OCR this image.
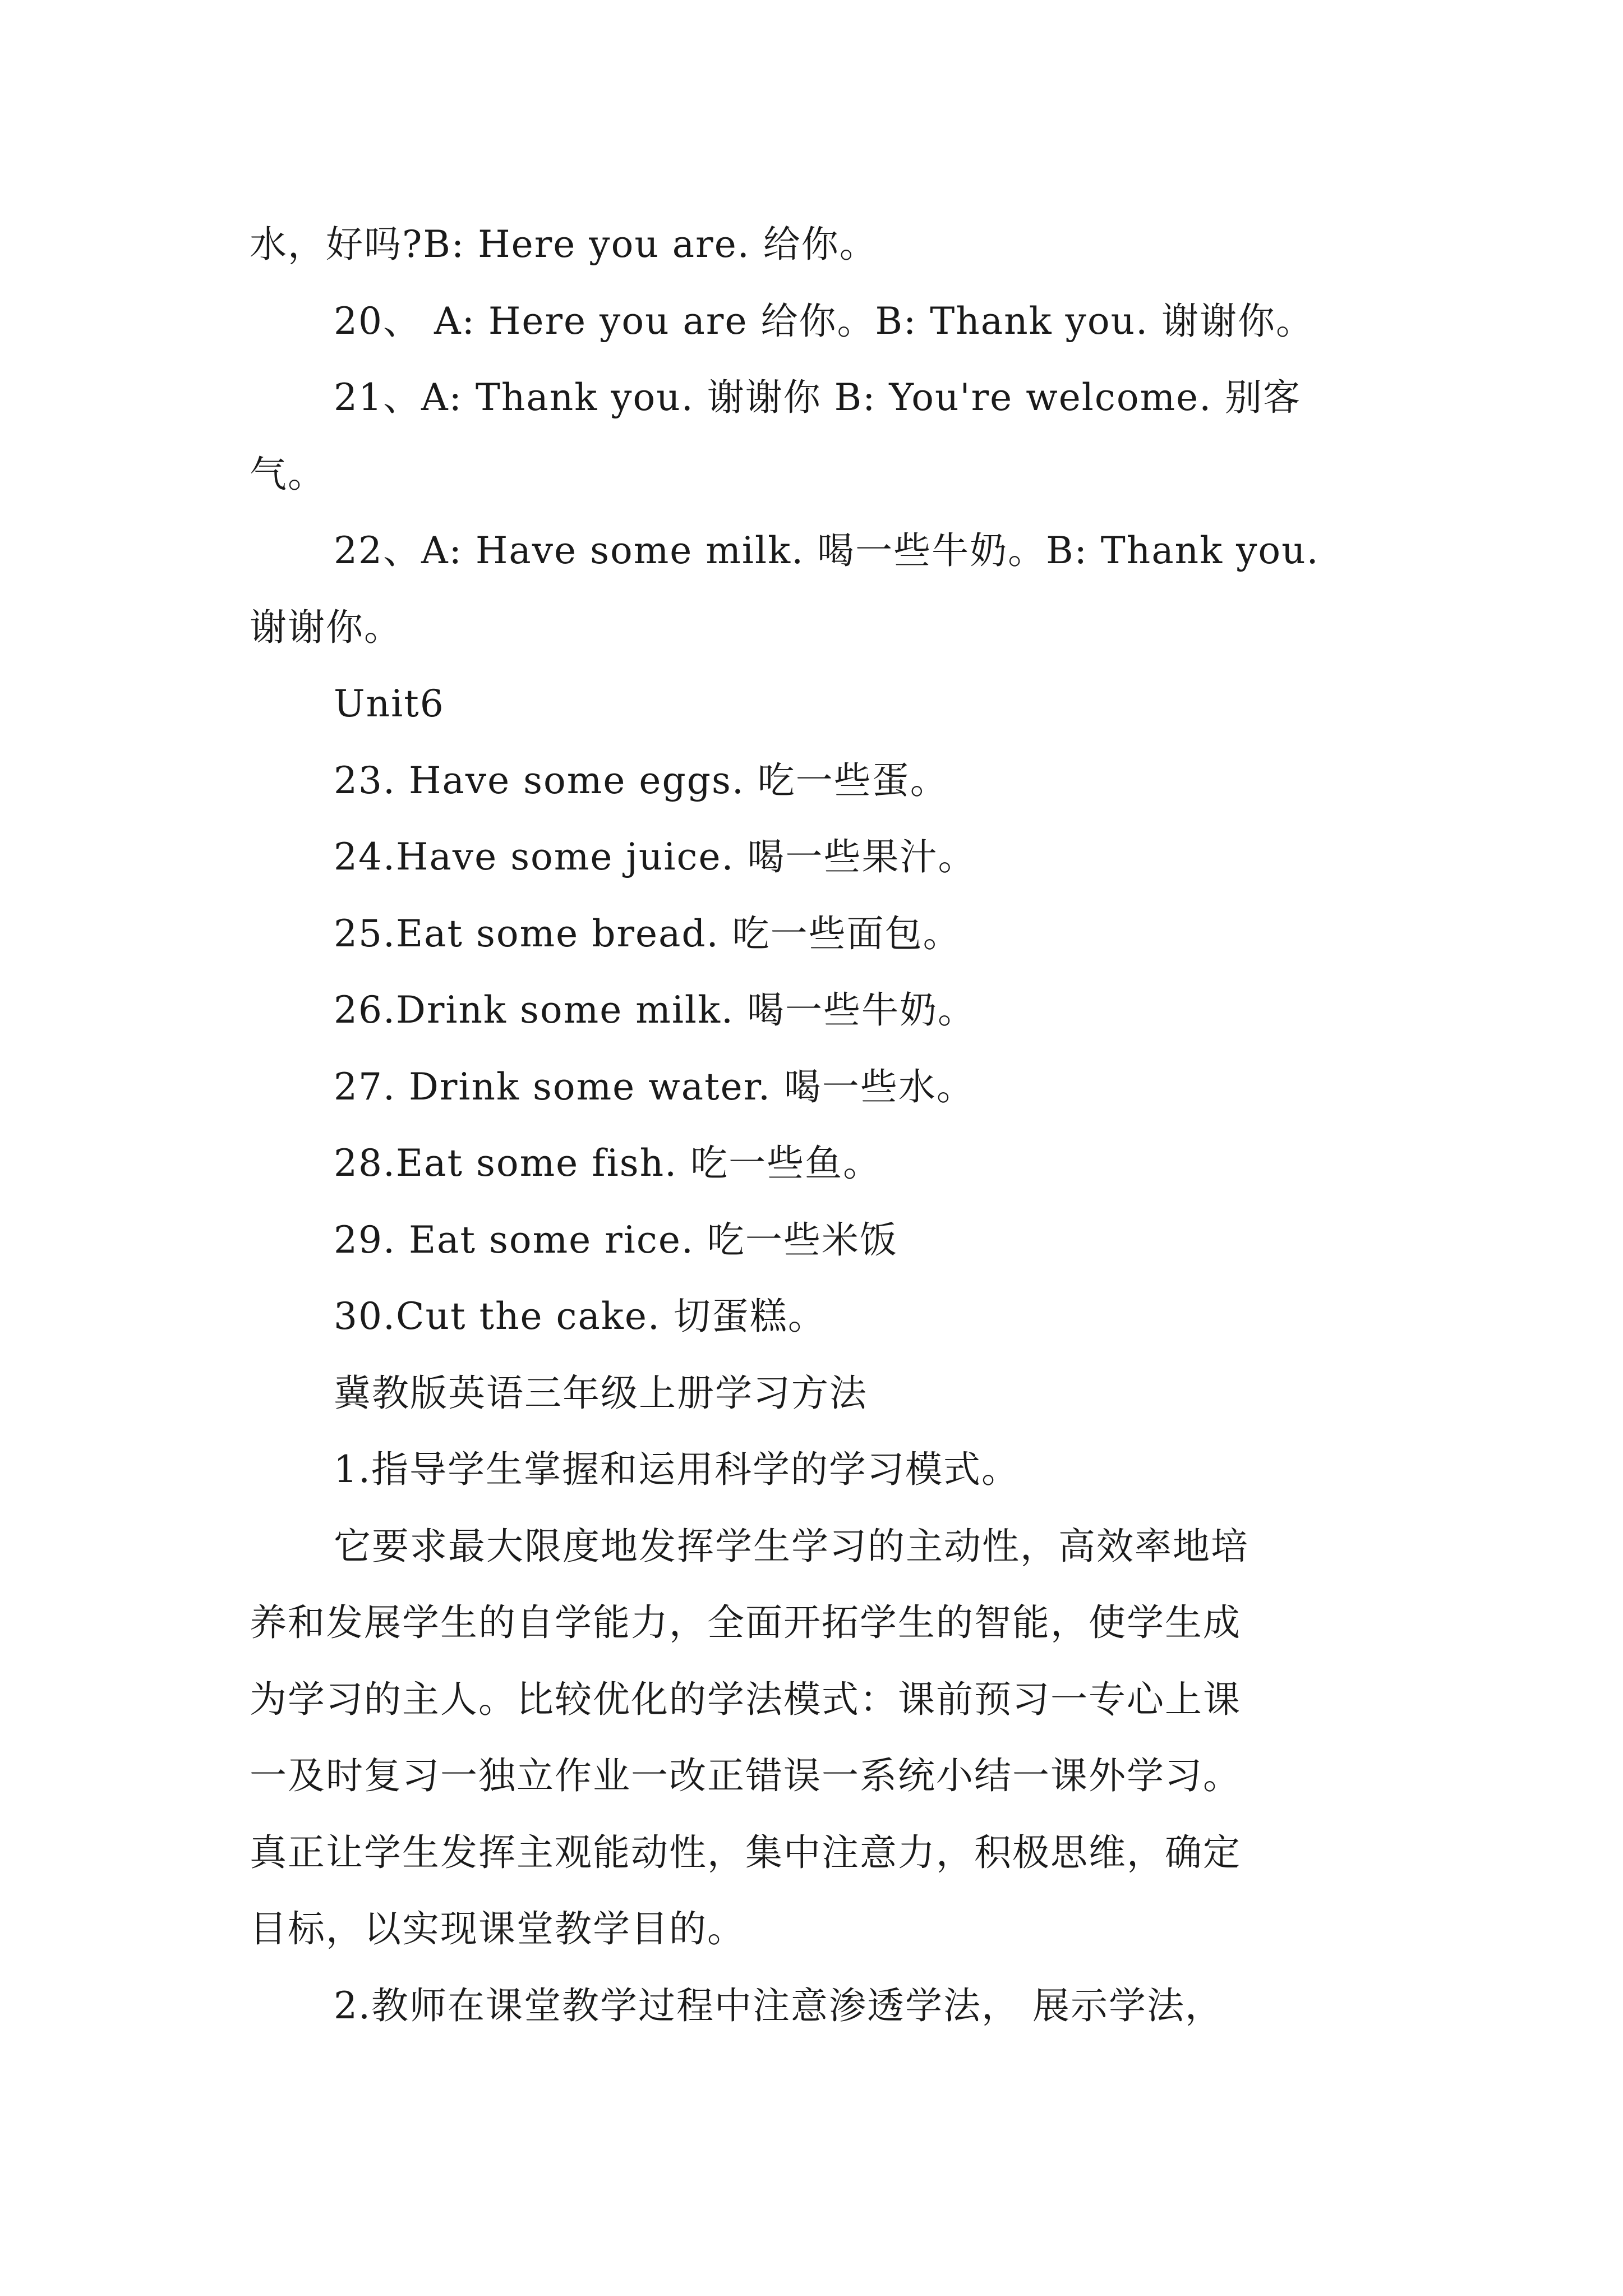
水，好吗?B: Here you are. 给你。
20、 A: Here you are 给你。B: Thank you. 谢谢你。
21、A: Thank you. 谢谢你 B: You're welcome. 别客
气。
22、A: Have some milk. 喝一些牛奶。B: Thank you.
谢谢你。
Unit6
23. Have some eggs. 吃一些蛋。
24.Have some juice. 喝一些果汁。
25.Eat some bread. 吃一些面包。
26.Drink some milk. 喝一些牛奶。
27. Drink some water. 喝一些水。
28.Eat some fish. 吃一些鱼。
29. Eat some rice. 吃一些米饭
30.Cut the cake. 切蛋糕。
冀教版英语三年级上册学习方法
1.指导学生掌握和运用科学的学习模式。
它要求最大限度地发挥学生学习的主动性，高效率地培
养和发展学生的自学能力，全面开拓学生的智能，使学生成
为学习的主人。比较优化的学法模式：课前预习一专心上课
一及时复习一独立作业一改正错误一系统小结一课外学习。
真正让学生发挥主观能动性，集中注意力，积极思维，确定
目标，以实现课堂教学目的。
2.教师在课堂教学过程中注意渗透学法， 展示学法，
